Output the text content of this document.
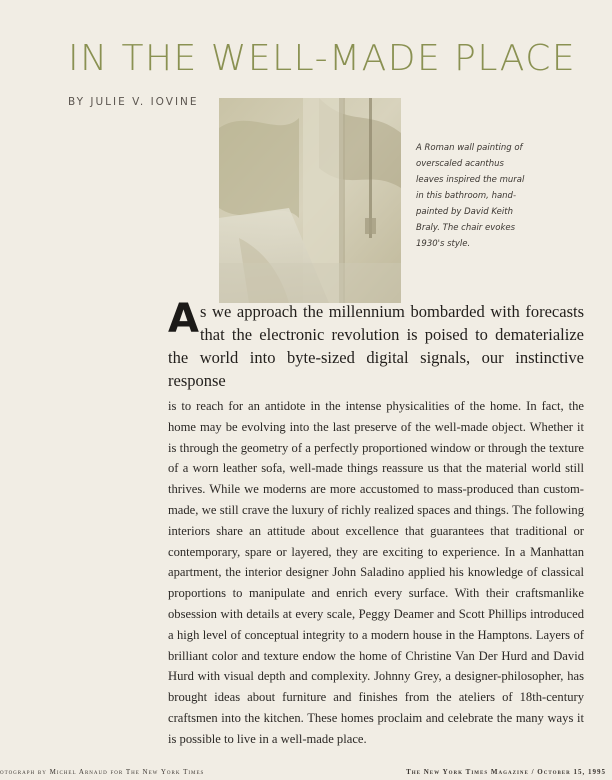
IN THE WELL-MADE PLACE
BY JULIE V. IOVINE
A Roman wall painting of overscaled acanthus leaves inspired the mural in this bathroom, hand-painted by David Keith Braly. The chair evokes 1930's style.
As we approach the millennium bombarded with forecasts that the electronic revolution is poised to dematerialize the world into byte-sized digital signals, our instinctive response
is to reach for an antidote in the intense physicalities of the home. In fact, the home may be evolving into the last preserve of the well-made object. Whether it is through the geometry of a perfectly proportioned window or through the texture of a worn leather sofa, well-made things reassure us that the material world still thrives. While we moderns are more accustomed to mass-produced than custom-made, we still crave the luxury of richly realized spaces and things. The following interiors share an attitude about excellence that guarantees that traditional or contemporary, spare or layered, they are exciting to experience. In a Manhattan apartment, the interior designer John Saladino applied his knowledge of classical proportions to manipulate and enrich every surface. With their craftsmanlike obsession with details at every scale, Peggy Deamer and Scott Phillips introduced a high level of conceptual integrity to a modern house in the Hamptons. Layers of brilliant color and texture endow the home of Christine Van Der Hurd and David Hurd with visual depth and complexity. Johnny Grey, a designer-philosopher, has brought ideas about furniture and finishes from the ateliers of 18th-century craftsmen into the kitchen. These homes proclaim and celebrate the many ways it is possible to live in a well-made place.
otograph by Michel Arnaud for The New York Times	The New York Times Magazine / October 15, 1995
